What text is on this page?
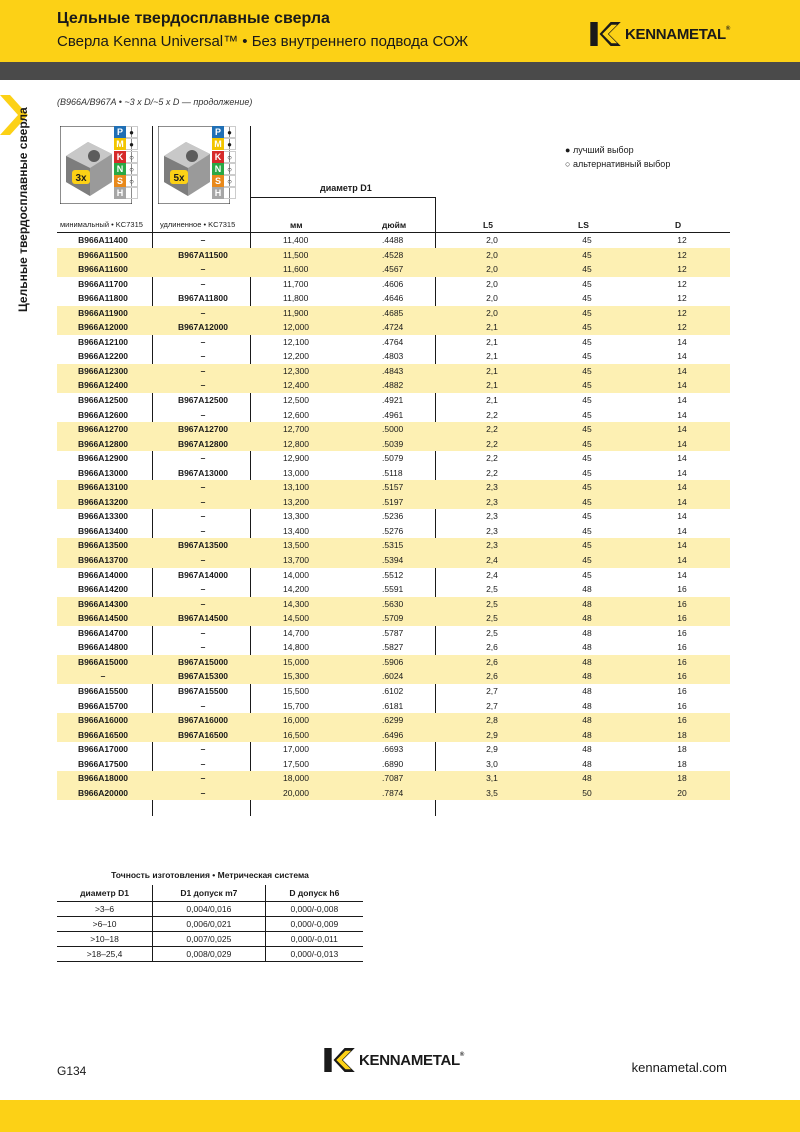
Цельные твердосплавные сверла
Сверла Kenna Universal™ • Без внутреннего подвода СОЖ	KENNAMETAL®
Цельные твердосплавные сверла
(B966A/B967A • ~3 x D/~5 x D — продолжение)
3x	5x
P ●
M ●
K ○
N ○
S ○
H
P ●
M ●
K ○
N ○
S ○
H
минимальный • KC7315 удлиненное • KC7315
● лучший выбор
○ альтернативный выбор
диаметр D1
мм	дюйм	L5	LS	D
B966A11400	–	11,400	.4488	2,0	45	12
B966A11500	B967A11500	11,500	.4528	2,0	45	12
B966A11600	–	11,600	.4567	2,0	45	12
B966A11700	–	11,700	.4606	2,0	45	12
B966A11800	B967A11800	11,800	.4646	2,0	45	12
B966A11900	–	11,900	.4685	2,0	45	12
B966A12000	B967A12000	12,000	.4724	2,1	45	12
B966A12100	–	12,100	.4764	2,1	45	14
B966A12200	–	12,200	.4803	2,1	45	14
B966A12300	–	12,300	.4843	2,1	45	14
B966A12400	–	12,400	.4882	2,1	45	14
B966A12500	B967A12500	12,500	.4921	2,1	45	14
B966A12600	–	12,600	.4961	2,2	45	14
B966A12700	B967A12700	12,700	.5000	2,2	45	14
B966A12800	B967A12800	12,800	.5039	2,2	45	14
B966A12900	–	12,900	.5079	2,2	45	14
B966A13000	B967A13000	13,000	.5118	2,2	45	14
B966A13100	–	13,100	.5157	2,3	45	14
B966A13200	–	13,200	.5197	2,3	45	14
B966A13300	–	13,300	.5236	2,3	45	14
B966A13400	–	13,400	.5276	2,3	45	14
B966A13500	B967A13500	13,500	.5315	2,3	45	14
B966A13700	–	13,700	.5394	2,4	45	14
B966A14000	B967A14000	14,000	.5512	2,4	45	14
B966A14200	–	14,200	.5591	2,5	48	16
B966A14300	–	14,300	.5630	2,5	48	16
B966A14500	B967A14500	14,500	.5709	2,5	48	16
B966A14700	–	14,700	.5787	2,5	48	16
B966A14800	–	14,800	.5827	2,6	48	16
B966A15000	B967A15000	15,000	.5906	2,6	48	16
–	B967A15300	15,300	.6024	2,6	48	16
B966A15500	B967A15500	15,500	.6102	2,7	48	16
B966A15700	–	15,700	.6181	2,7	48	16
B966A16000	B967A16000	16,000	.6299	2,8	48	16
B966A16500	B967A16500	16,500	.6496	2,9	48	18
B966A17000	–	17,000	.6693	2,9	48	18
B966A17500	–	17,500	.6890	3,0	48	18
B966A18000	–	18,000	.7087	3,1	48	18
B966A20000	–	20,000	.7874	3,5	50	20
Точность изготовления • Метрическая система
диаметр D1	D1 допуск m7	D допуск h6
>3–6	0,004/0,016	0,000/-0,008
>6–10	0,006/0,021	0,000/-0,009
>10–18	0,007/0,025	0,000/-0,011
>18–25,4	0,008/0,029	0,000/-0,013
G134
KENNAMETAL®
kennametal.com
